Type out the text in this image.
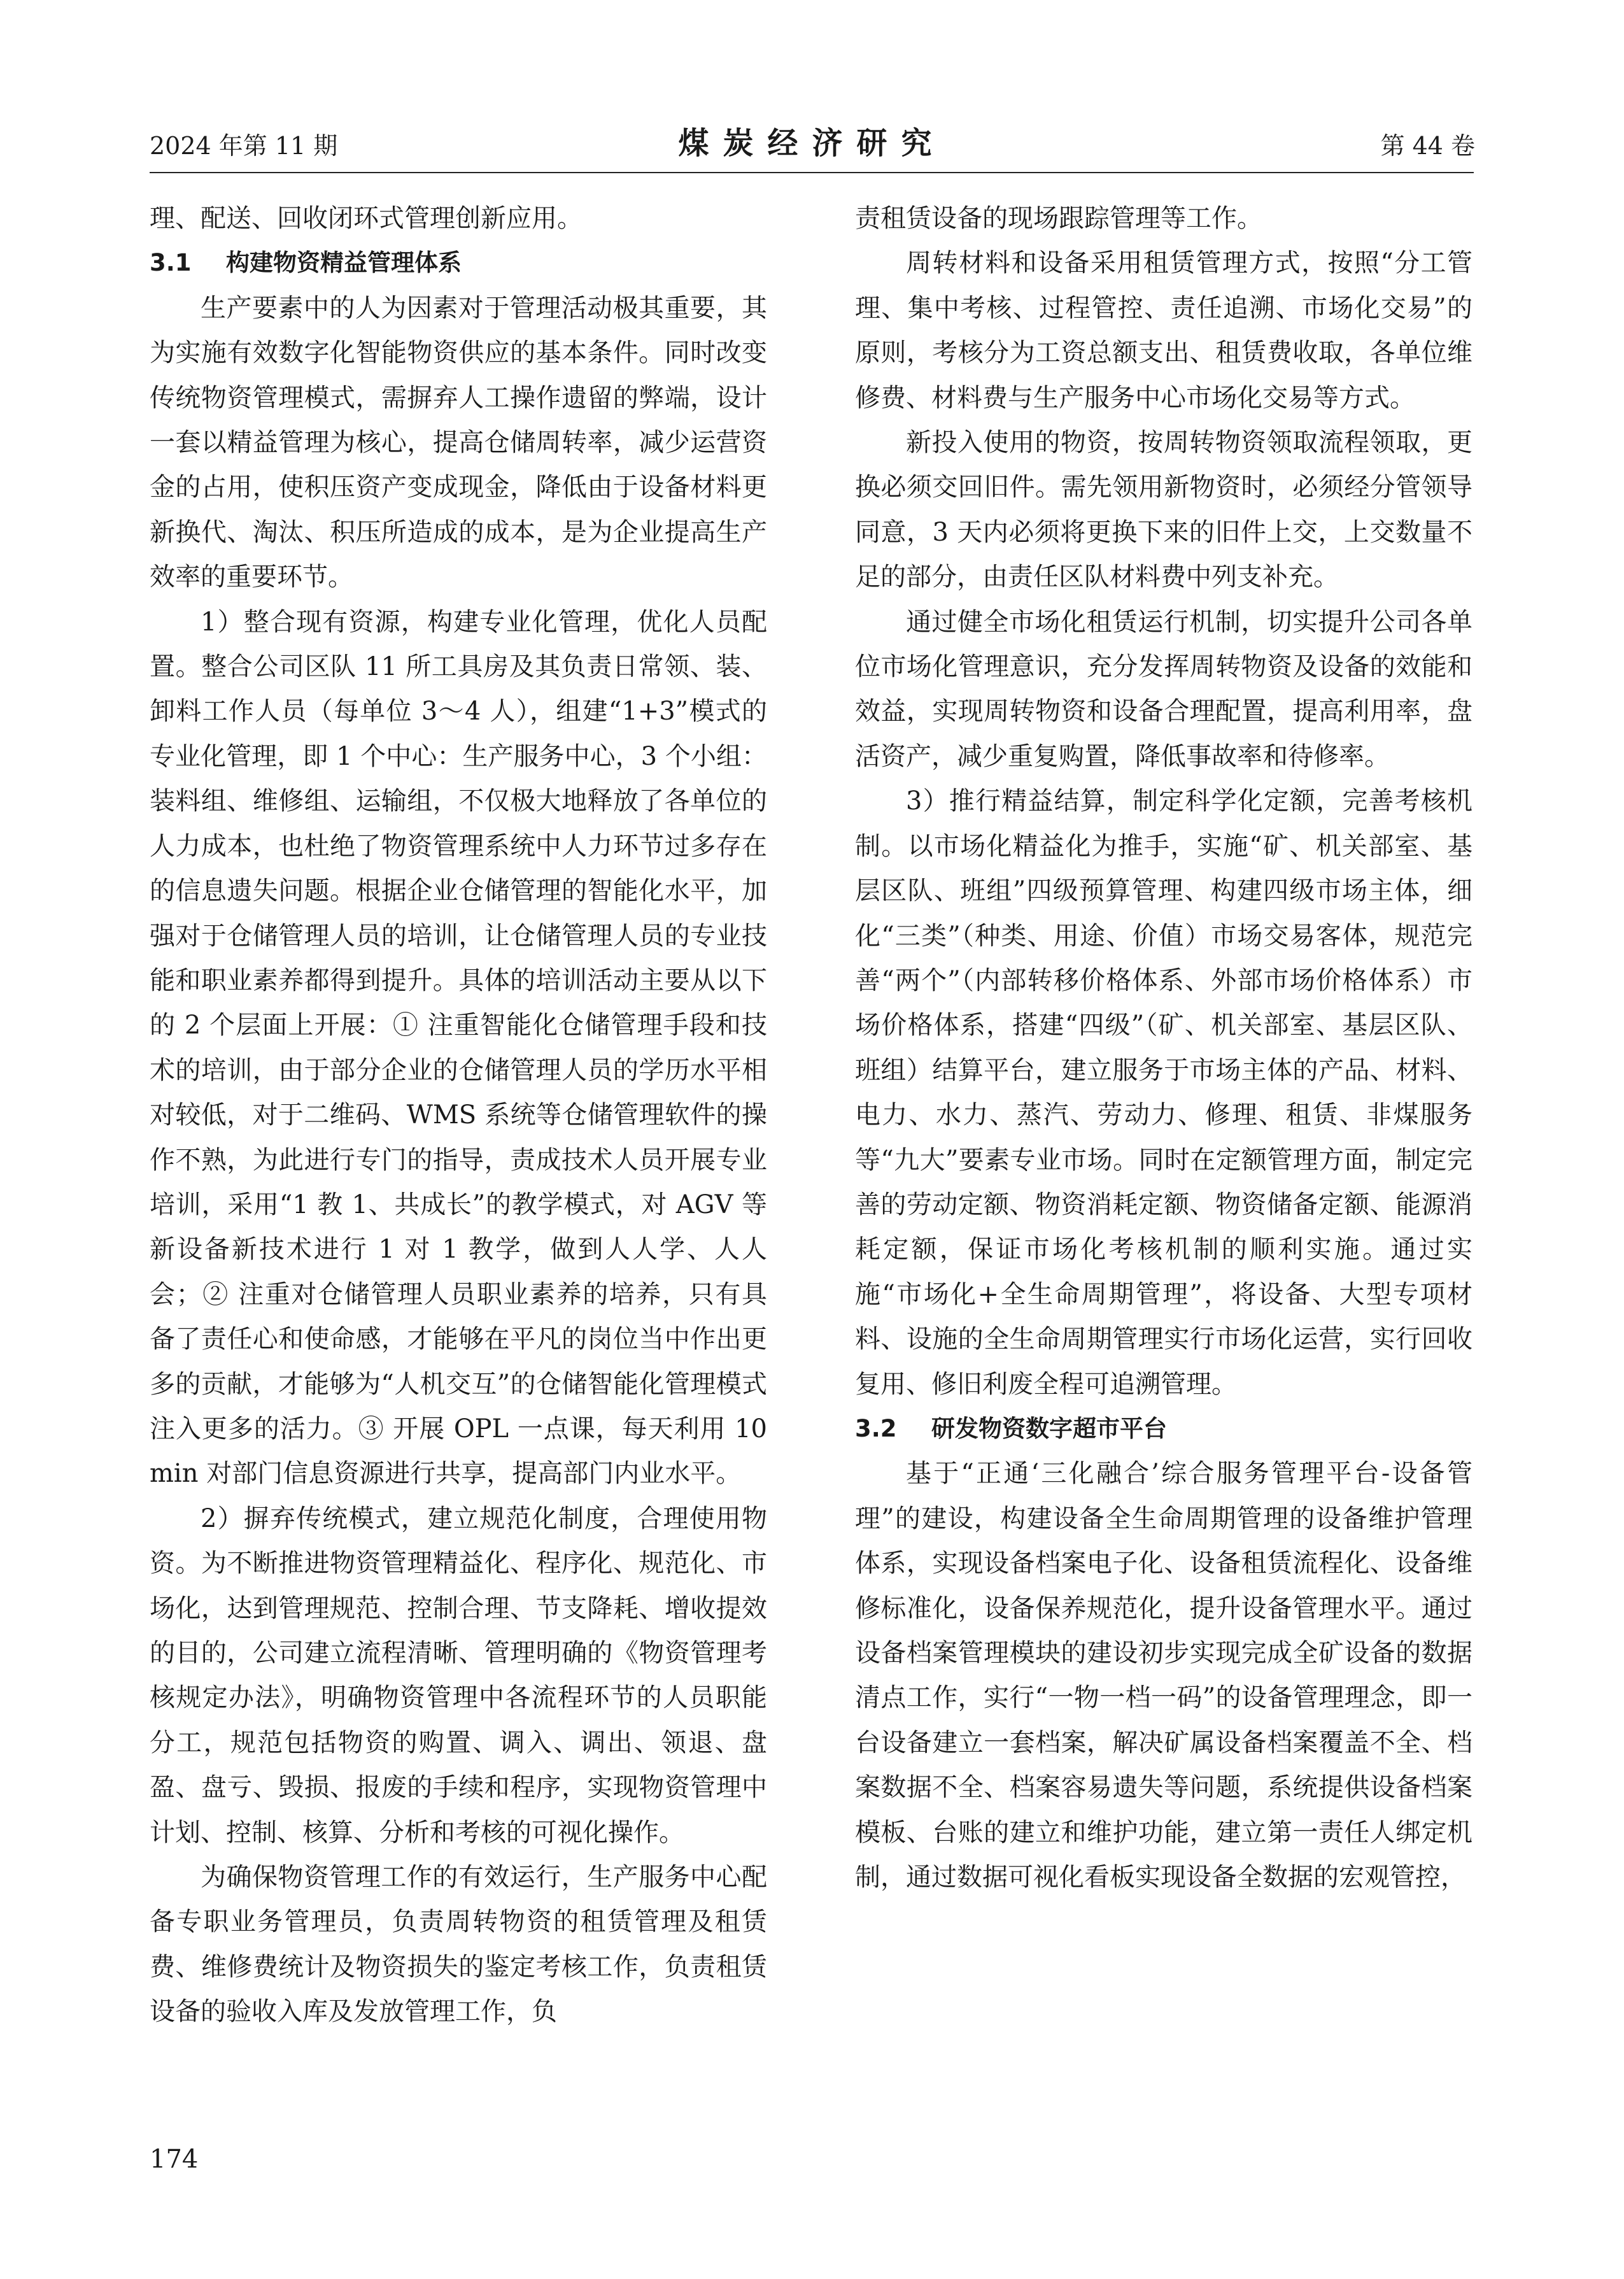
2024 年第 11 期	煤炭经济研究	第 44 卷

理、配送、回收闭环式管理创新应用。

3.1 构建物资精益管理体系

生产要素中的人为因素对于管理活动极其重要，其为实施有效数字化智能物资供应的基本条件。同时改变传统物资管理模式，需摒弃人工操作遗留的弊端，设计一套以精益管理为核心，提高仓储周转率，减少运营资金的占用，使积压资产变成现金，降低由于设备材料更新换代、淘汰、积压所造成的成本，是为企业提高生产效率的重要环节。

1）整合现有资源，构建专业化管理，优化人员配置。整合公司区队 11 所工具房及其负责日常领、装、卸料工作人员（每单位 3～4 人），组建“1+3”模式的专业化管理，即 1 个中心：生产服务中心，3 个小组：装料组、维修组、运输组，不仅极大地释放了各单位的人力成本，也杜绝了物资管理系统中人力环节过多存在的信息遗失问题。根据企业仓储管理的智能化水平，加强对于仓储管理人员的培训，让仓储管理人员的专业技能和职业素养都得到提升。具体的培训活动主要从以下的 2 个层面上开展：① 注重智能化仓储管理手段和技术的培训，由于部分企业的仓储管理人员的学历水平相对较低，对于二维码、WMS 系统等仓储管理软件的操作不熟，为此进行专门的指导，责成技术人员开展专业培训，采用“1 教 1、共成长”的教学模式，对 AGV 等新设备新技术进行 1 对 1 教学，做到人人学、人人会；② 注重对仓储管理人员职业素养的培养，只有具备了责任心和使命感，才能够在平凡的岗位当中作出更多的贡献，才能够为“人机交互”的仓储智能化管理模式注入更多的活力。③ 开展 OPL 一点课，每天利用 10 min 对部门信息资源进行共享，提高部门内业水平。

2）摒弃传统模式，建立规范化制度，合理使用物资。为不断推进物资管理精益化、程序化、规范化、市场化，达到管理规范、控制合理、节支降耗、增收提效的目的，公司建立流程清晰、管理明确的《物资管理考核规定办法》，明确物资管理中各流程环节的人员职能分工，规范包括物资的购置、调入、调出、领退、盘盈、盘亏、毁损、报废的手续和程序，实现物资管理中计划、控制、核算、分析和考核的可视化操作。

为确保物资管理工作的有效运行，生产服务中心配备专职业务管理员，负责周转物资的租赁管理及租赁费、维修费统计及物资损失的鉴定考核工作，负责租赁设备的验收入库及发放管理工作，负

责租赁设备的现场跟踪管理等工作。

周转材料和设备采用租赁管理方式，按照“分工管理、集中考核、过程管控、责任追溯、市场化交易”的原则，考核分为工资总额支出、租赁费收取，各单位维修费、材料费与生产服务中心市场化交易等方式。

新投入使用的物资，按周转物资领取流程领取，更换必须交回旧件。需先领用新物资时，必须经分管领导同意，3 天内必须将更换下来的旧件上交，上交数量不足的部分，由责任区队材料费中列支补充。

通过健全市场化租赁运行机制，切实提升公司各单位市场化管理意识，充分发挥周转物资及设备的效能和效益，实现周转物资和设备合理配置，提高利用率，盘活资产，减少重复购置，降低事故率和待修率。

3）推行精益结算，制定科学化定额，完善考核机制。以市场化精益化为推手，实施“矿、机关部室、基层区队、班组”四级预算管理、构建四级市场主体，细化“三类”（种类、用途、价值）市场交易客体，规范完善“两个”（内部转移价格体系、外部市场价格体系）市场价格体系，搭建“四级”（矿、机关部室、基层区队、班组）结算平台，建立服务于市场主体的产品、材料、电力、水力、蒸汽、劳动力、修理、租赁、非煤服务等“九大”要素专业市场。同时在定额管理方面，制定完善的劳动定额、物资消耗定额、物资储备定额、能源消耗定额，保证市场化考核机制的顺利实施。通过实施“市场化+全生命周期管理”，将设备、大型专项材料、设施的全生命周期管理实行市场化运营，实行回收复用、修旧利废全程可追溯管理。

3.2 研发物资数字超市平台

基于“正通‘三化融合’综合服务管理平台-设备管理”的建设，构建设备全生命周期管理的设备维护管理体系，实现设备档案电子化、设备租赁流程化、设备维修标准化，设备保养规范化，提升设备管理水平。通过设备档案管理模块的建设初步实现完成全矿设备的数据清点工作，实行“一物一档一码”的设备管理理念，即一台设备建立一套档案，解决矿属设备档案覆盖不全、档案数据不全、档案容易遗失等问题，系统提供设备档案模板、台账的建立和维护功能，建立第一责任人绑定机制，通过数据可视化看板实现设备全数据的宏观管控，

174
